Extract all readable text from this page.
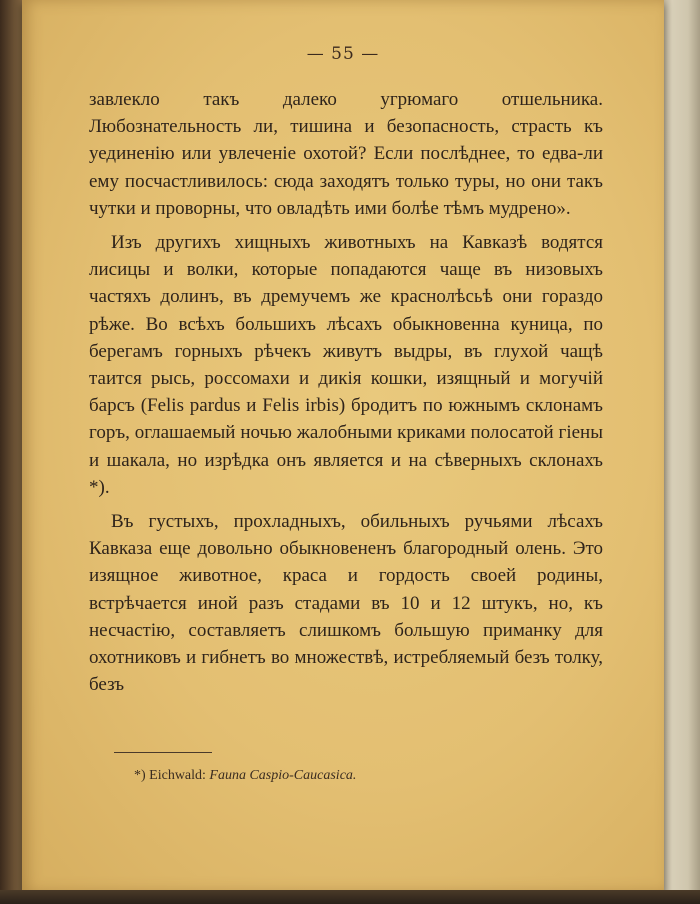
— 55 —

завлекло такъ далеко угрюмаго отшельника. Любознательность ли, тишина и безопасность, страсть къ уединенію или увлеченіе охотой? Если послѣднее, то едва-ли ему посчастливилось: сюда заходятъ только туры, но они такъ чутки и проворны, что овладѣть ими болѣе тѣмъ мудрено».

Изъ другихъ хищныхъ животныхъ на Кавказѣ водятся лисицы и волки, которые попадаются чаще въ низовыхъ частяхъ долинъ, въ дремучемъ же краснолѣсьѣ они гораздо рѣже. Во всѣхъ большихъ лѣсахъ обыкновенна куница, по берегамъ горныхъ рѣчекъ живутъ выдры, въ глухой чащѣ таится рысь, россомахи и дикія кошки, изящный и могучій барсъ (Felis pardus и Felis irbis) бродитъ по южнымъ склонамъ горъ, оглашаемый ночью жалобными криками полосатой гіены и шакала, но изрѣдка онъ является и на сѣверныхъ склонахъ *).

Въ густыхъ, прохладныхъ, обильныхъ ручьями лѣсахъ Кавказа еще довольно обыкновененъ благородный олень. Это изящное животное, краса и гордость своей родины, встрѣчается иной разъ стадами въ 10 и 12 штукъ, но, къ несчастію, составляетъ слишкомъ большую приманку для охотниковъ и гибнетъ во множествѣ, истребляемый безъ толку, безъ

*) Eichwald: Fauna Caspio-Caucasica.
